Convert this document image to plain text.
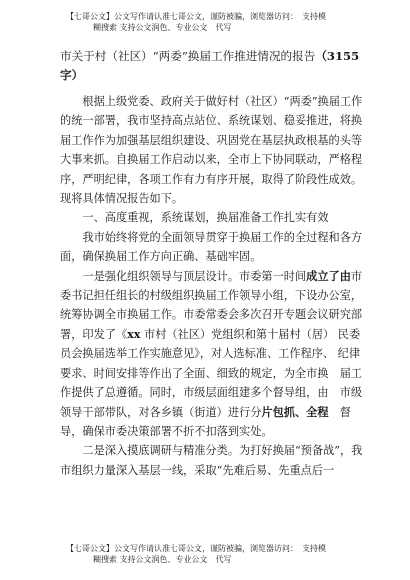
【七哥公文】公文写作请认准七哥公文，谨防被骗，浏览器访问：　支持模
糊搜索 支持公文润色、专业公文　代写

市关于村（社区）“两委”换届工作推进情况的报告（3155字）

根据上级党委、政府关于做好村（社区）“两委”换届工作的统一部署，我市坚持高点站位、系统谋划、稳妥推进，将换届工作作为加强基层组织建设、巩固党在基层执政根基的头等大事来抓。自换届工作启动以来，全市上下协同联动，严格程序，严明纪律，各项工作有力有序开展，取得了阶段性成效。现将具体情况报告如下。

一、高度重视，系统谋划，换届准备工作扎实有效

我市始终将党的全面领导贯穿于换届工作的全过程和各方面，确保换届工作方向正确、基础牢固。

一是强化组织领导与顶层设计。市委第一时间成立了由市委书记担任组长的村级组织换届工作领导小组，下设办公室，统筹协调全市换届工作。市委常委会多次召开专题会议研究部署，印发了《xx 市村（社区）党组织和第十届村（居） 民委员会换届选举工作实施意见》，对人选标准、工作程序、 纪律要求、时间安排等作出了全面、细致的规定，为全市换　届工作提供了总遵循。同时，市级层面组建多个督导组，由　市级领导干部带队，对各乡镇（街道）进行分片包抓、全程　督导，确保市委决策部署不折不扣落到实处。

二是深入摸底调研与精准分类。为打好换届“预备战”，我市组织力量深入基层一线，采取“先难后易、先重点后一

【七哥公文】公文写作请认准七哥公文，谨防被骗，浏览器访问：　支持模
糊搜索 支持公文润色、专业公文　代写
